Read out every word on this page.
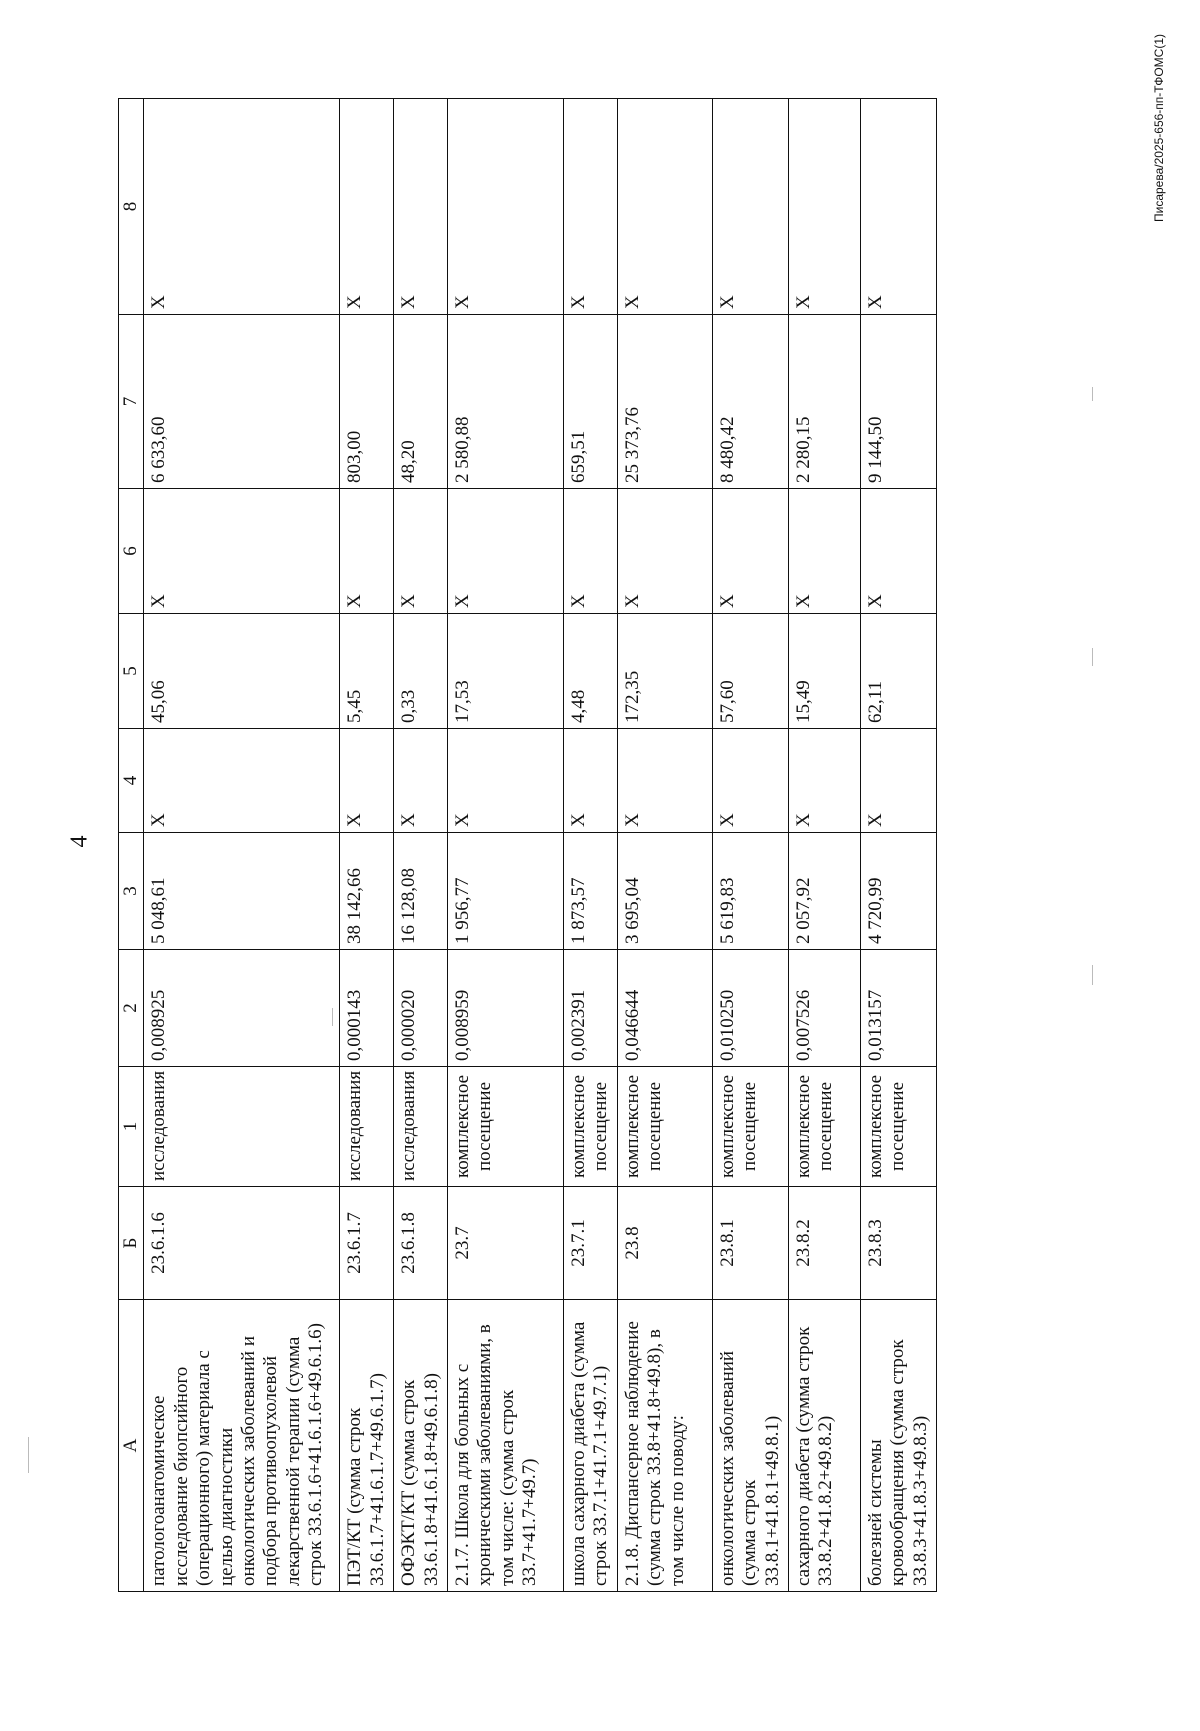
4
Писарева/2025-656-пп-ТФОМС(1)
А	Б	1	2	3	4	5	6	7	8
патологоанатомическое исследование биопсийного (операционного) материала с целью диагностики онкологических заболеваний и подбора противоопухолевой лекарственной терапии (сумма строк 33.6.1.6+41.6.1.6+49.6.1.6)	23.6.1.6	исследования	0,008925	5 048,61	Х	45,06	Х	6 633,60	Х
ПЭТ/КТ (сумма строк 33.6.1.7+41.6.1.7+49.6.1.7)	23.6.1.7	исследования	0,000143	38 142,66	Х	5,45	Х	803,00	Х
ОФЭКТ/КТ (сумма строк 33.6.1.8+41.6.1.8+49.6.1.8)	23.6.1.8	исследования	0,000020	16 128,08	Х	0,33	Х	48,20	Х
2.1.7. Школа для больных с хроническими заболеваниями, в том числе: (сумма строк 33.7+41.7+49.7)	23.7	комплексное посещение	0,008959	1 956,77	Х	17,53	Х	2 580,88	Х
школа сахарного диабета (сумма строк 33.7.1+41.7.1+49.7.1)	23.7.1	комплексное посещение	0,002391	1 873,57	Х	4,48	Х	659,51	Х
2.1.8. Диспансерное наблюдение (сумма строк 33.8+41.8+49.8), в том числе по поводу:	23.8	комплексное посещение	0,046644	3 695,04	Х	172,35	Х	25 373,76	Х
онкологических заболеваний (сумма строк 33.8.1+41.8.1+49.8.1)	23.8.1	комплексное посещение	0,010250	5 619,83	Х	57,60	Х	8 480,42	Х
сахарного диабета (сумма строк 33.8.2+41.8.2+49.8.2)	23.8.2	комплексное посещение	0,007526	2 057,92	Х	15,49	Х	2 280,15	Х
болезней системы кровообращения (сумма строк 33.8.3+41.8.3+49.8.3)	23.8.3	комплексное посещение	0,013157	4 720,99	Х	62,11	Х	9 144,50	Х
